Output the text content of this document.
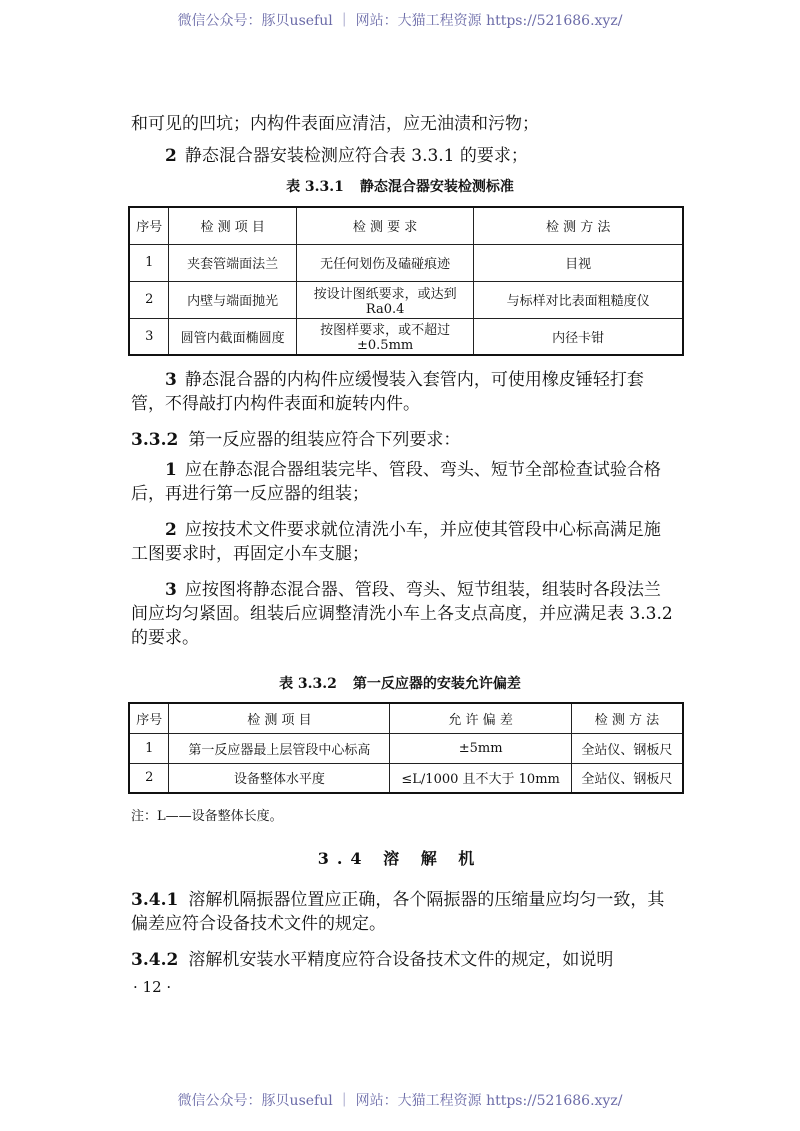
微信公众号：豚贝useful ｜ 网站：大猫工程资源 https://521686.xyz/
和可见的凹坑；内构件表面应清洁，应无油渍和污物；
2 静态混合器安装检测应符合表 3.3.1 的要求；
表 3.3.1 静态混合器安装检测标准
序号	检 测 项 目	检 测 要 求	检 测 方 法
1	夹套管端面法兰	无任何划伤及磕碰痕迹	目视
2	内壁与端面抛光	按设计图纸要求，或达到 Ra0.4	与标样对比表面粗糙度仪
3	圆管内截面椭圆度	按图样要求，或不超过±0.5mm	内径卡钳
3 静态混合器的内构件应缓慢装入套管内，可使用橡皮锤轻打套管，不得敲打内构件表面和旋转内件。
3.3.2 第一反应器的组装应符合下列要求：
1 应在静态混合器组装完毕、管段、弯头、短节全部检查试验合格后，再进行第一反应器的组装；
2 应按技术文件要求就位清洗小车，并应使其管段中心标高满足施工图要求时，再固定小车支腿；
3 应按图将静态混合器、管段、弯头、短节组装，组装时各段法兰间应均匀紧固。组装后应调整清洗小车上各支点高度，并应满足表 3.3.2 的要求。
表 3.3.2 第一反应器的安装允许偏差
序号	检 测 项 目	允 许 偏 差	检 测 方 法
1	第一反应器最上层管段中心标高	±5mm	全站仪、钢板尺
2	设备整体水平度	≤L/1000 且不大于 10mm	全站仪、钢板尺
注：L——设备整体长度。
3.4 溶 解 机
3.4.1 溶解机隔振器位置应正确，各个隔振器的压缩量应均匀一致，其偏差应符合设备技术文件的规定。
3.4.2 溶解机安装水平精度应符合设备技术文件的规定，如说明
· 12 ·
微信公众号：豚贝useful ｜ 网站：大猫工程资源 https://521686.xyz/
